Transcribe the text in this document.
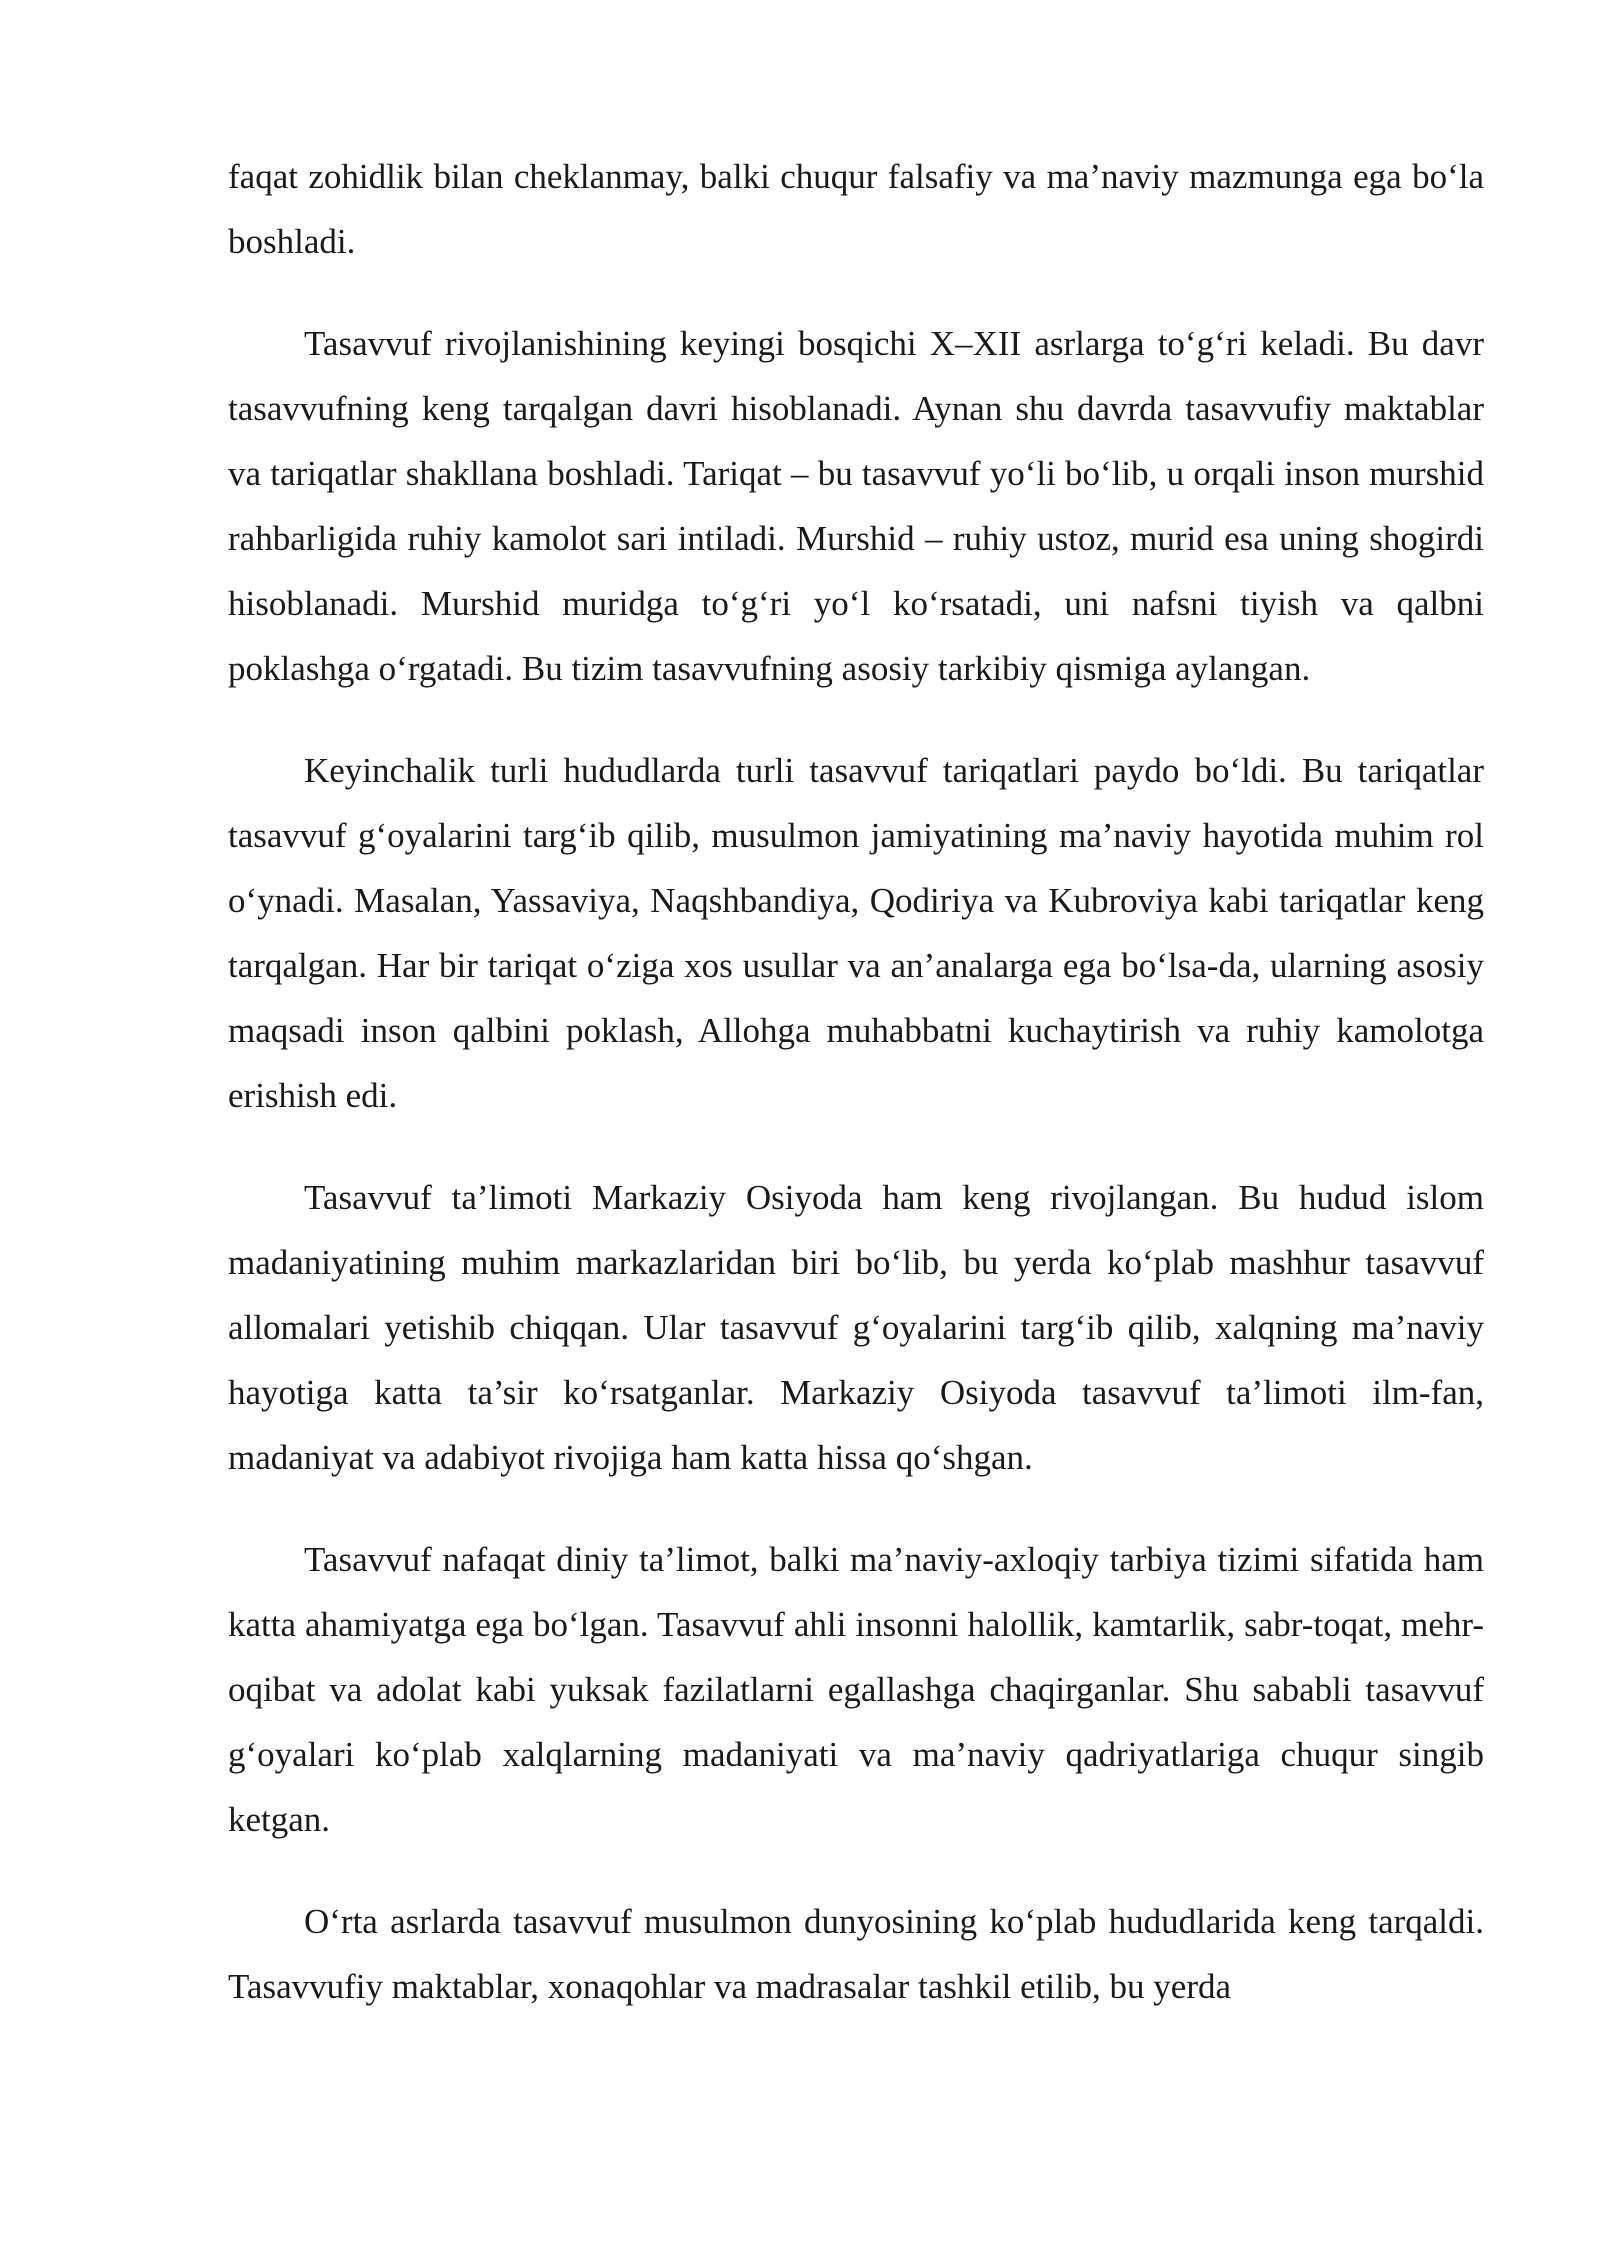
faqat zohidlik bilan cheklanmay, balki chuqur falsafiy va ma’naviy mazmunga ega bo‘la boshladi.

Tasavvuf rivojlanishining keyingi bosqichi X–XII asrlarga to‘g‘ri keladi. Bu davr tasavvufning keng tarqalgan davri hisoblanadi. Aynan shu davrda tasavvufiy maktablar va tariqatlar shakllana boshladi. Tariqat – bu tasavvuf yo‘li bo‘lib, u orqali inson murshid rahbarligida ruhiy kamolot sari intiladi. Murshid – ruhiy ustoz, murid esa uning shogirdi hisoblanadi. Murshid muridga to‘g‘ri yo‘l ko‘rsatadi, uni nafsni tiyish va qalbni poklashga o‘rgatadi. Bu tizim tasavvufning asosiy tarkibiy qismiga aylangan.

Keyinchalik turli hududlarda turli tasavvuf tariqatlari paydo bo‘ldi. Bu tariqatlar tasavvuf g‘oyalarini targ‘ib qilib, musulmon jamiyatining ma’naviy hayotida muhim rol o‘ynadi. Masalan, Yassaviya, Naqshbandiya, Qodiriya va Kubroviya kabi tariqatlar keng tarqalgan. Har bir tariqat o‘ziga xos usullar va an’analarga ega bo‘lsa-da, ularning asosiy maqsadi inson qalbini poklash, Allohga muhabbatni kuchaytirish va ruhiy kamolotga erishish edi.

Tasavvuf ta’limoti Markaziy Osiyoda ham keng rivojlangan. Bu hudud islom madaniyatining muhim markazlaridan biri bo‘lib, bu yerda ko‘plab mashhur tasavvuf allomalari yetishib chiqqan. Ular tasavvuf g‘oyalarini targ‘ib qilib, xalqning ma’naviy hayotiga katta ta’sir ko‘rsatganlar. Markaziy Osiyoda tasavvuf ta’limoti ilm-fan, madaniyat va adabiyot rivojiga ham katta hissa qo‘shgan.

Tasavvuf nafaqat diniy ta’limot, balki ma’naviy-axloqiy tarbiya tizimi sifatida ham katta ahamiyatga ega bo‘lgan. Tasavvuf ahli insonni halollik, kamtarlik, sabr-toqat, mehr-oqibat va adolat kabi yuksak fazilatlarni egallashga chaqirganlar. Shu sababli tasavvuf g‘oyalari ko‘plab xalqlarning madaniyati va ma’naviy qadriyatlariga chuqur singib ketgan.

O‘rta asrlarda tasavvuf musulmon dunyosining ko‘plab hududlarida keng tarqaldi. Tasavvufiy maktablar, xonaqohlar va madrasalar tashkil etilib, bu yerda
